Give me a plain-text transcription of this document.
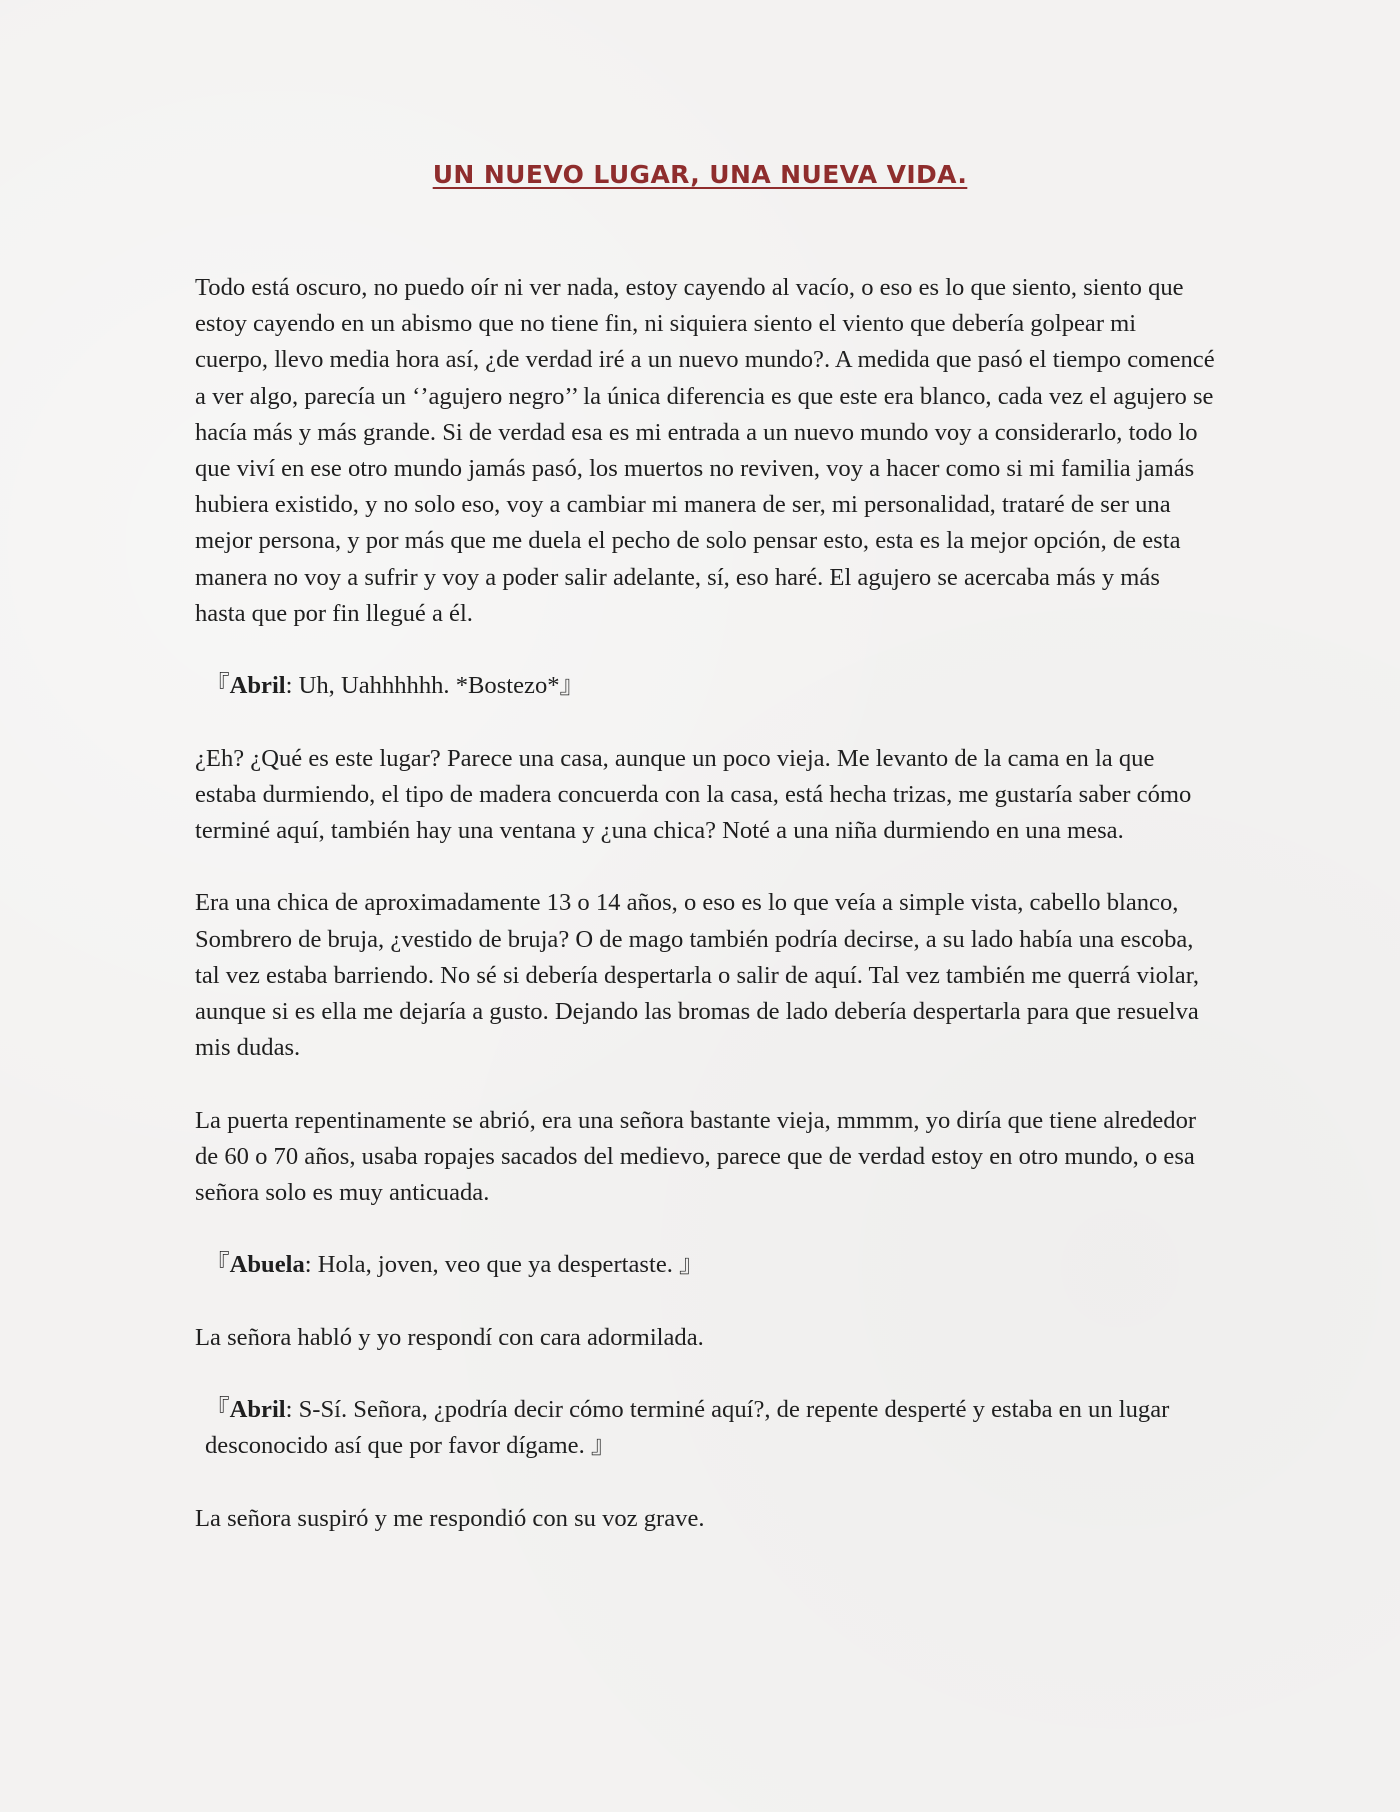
UN NUEVO LUGAR, UNA NUEVA VIDA.

Todo está oscuro, no puedo oír ni ver nada, estoy cayendo al vacío, o eso es lo que siento, siento que estoy cayendo en un abismo que no tiene fin, ni siquiera siento el viento que debería golpear mi cuerpo, llevo media hora así, ¿de verdad iré a un nuevo mundo?. A medida que pasó el tiempo comencé a ver algo, parecía un ‘’agujero negro’’ la única diferencia es que este era blanco, cada vez el agujero se hacía más y más grande. Si de verdad esa es mi entrada a un nuevo mundo voy a considerarlo, todo lo que viví en ese otro mundo jamás pasó, los muertos no reviven, voy a hacer como si mi familia jamás hubiera existido, y no solo eso, voy a cambiar mi manera de ser, mi personalidad, trataré de ser una mejor persona, y por más que me duela el pecho de solo pensar esto, esta es la mejor opción, de esta manera no voy a sufrir y voy a poder salir adelante, sí, eso haré. El agujero se acercaba más y más hasta que por fin llegué a él.

『Abril: Uh, Uahhhhhh. *Bostezo*』

¿Eh? ¿Qué es este lugar? Parece una casa, aunque un poco vieja. Me levanto de la cama en la que estaba durmiendo, el tipo de madera concuerda con la casa, está hecha trizas, me gustaría saber cómo terminé aquí, también hay una ventana y ¿una chica? Noté a una niña durmiendo en una mesa.

Era una chica de aproximadamente 13 o 14 años, o eso es lo que veía a simple vista, cabello blanco, Sombrero de bruja, ¿vestido de bruja? O de mago también podría decirse, a su lado había una escoba, tal vez estaba barriendo. No sé si debería despertarla o salir de aquí. Tal vez también me querrá violar, aunque si es ella me dejaría a gusto. Dejando las bromas de lado debería despertarla para que resuelva mis dudas.

La puerta repentinamente se abrió, era una señora bastante vieja, mmmm, yo diría que tiene alrededor de 60 o 70 años, usaba ropajes sacados del medievo, parece que de verdad estoy en otro mundo, o esa señora solo es muy anticuada.

『Abuela: Hola, joven, veo que ya despertaste. 』

La señora habló y yo respondí con cara adormilada.

『Abril: S-Sí. Señora, ¿podría decir cómo terminé aquí?, de repente desperté y estaba en un lugar desconocido así que por favor dígame. 』

La señora suspiró y me respondió con su voz grave.
